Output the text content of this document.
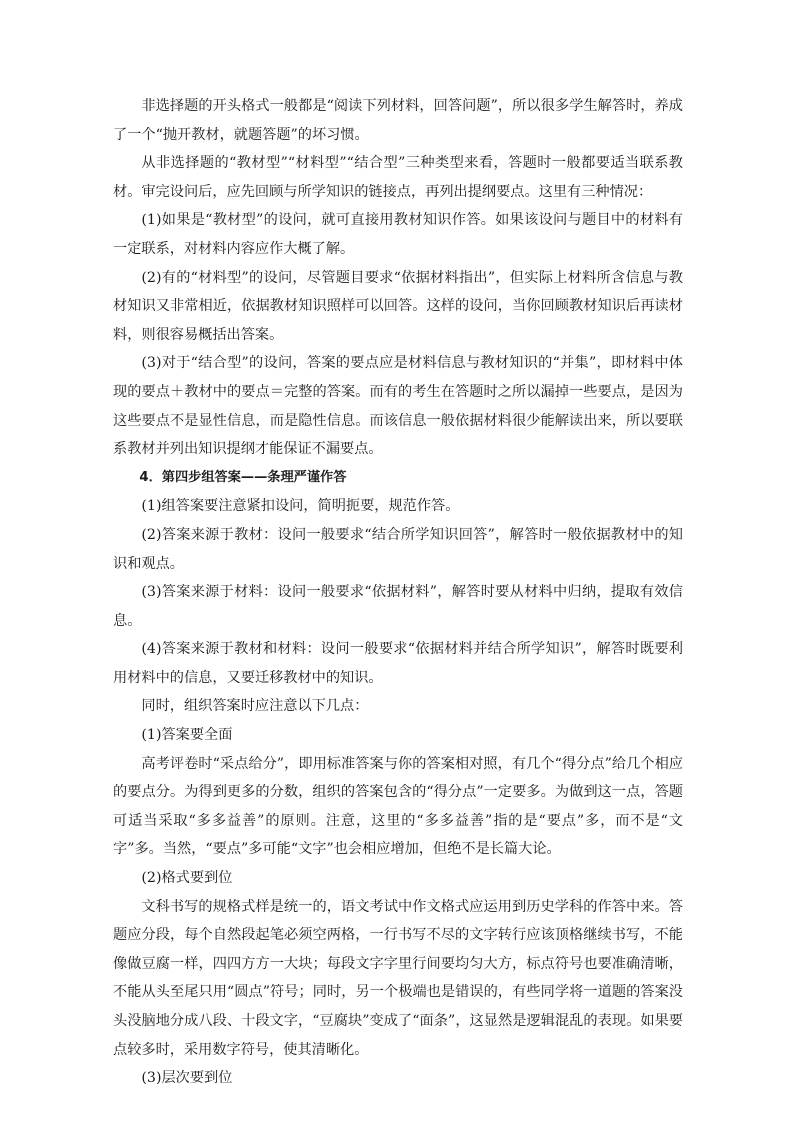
非选择题的开头格式一般都是“阅读下列材料，回答问题”，所以很多学生解答时，养成了一个“抛开教材，就题答题”的坏习惯。

从非选择题的“教材型”“材料型”“结合型”三种类型来看，答题时一般都要适当联系教材。审完设问后，应先回顾与所学知识的链接点，再列出提纲要点。这里有三种情况：

(1)如果是“教材型”的设问，就可直接用教材知识作答。如果该设问与题目中的材料有一定联系，对材料内容应作大概了解。

(2)有的“材料型”的设问，尽管题目要求“依据材料指出”，但实际上材料所含信息与教材知识又非常相近，依据教材知识照样可以回答。这样的设问，当你回顾教材知识后再读材料，则很容易概括出答案。

(3)对于“结合型”的设问，答案的要点应是材料信息与教材知识的“并集”，即材料中体现的要点＋教材中的要点＝完整的答案。而有的考生在答题时之所以漏掉一些要点，是因为这些要点不是显性信息，而是隐性信息。而该信息一般依据材料很少能解读出来，所以要联系教材并列出知识提纲才能保证不漏要点。

4．第四步组答案——条理严谨作答

(1)组答案要注意紧扣设问，简明扼要，规范作答。

(2)答案来源于教材：设问一般要求“结合所学知识回答”，解答时一般依据教材中的知识和观点。

(3)答案来源于材料：设问一般要求“依据材料”，解答时要从材料中归纳，提取有效信息。

(4)答案来源于教材和材料：设问一般要求“依据材料并结合所学知识”，解答时既要利用材料中的信息，又要迁移教材中的知识。

同时，组织答案时应注意以下几点：

(1)答案要全面

高考评卷时“采点给分”，即用标准答案与你的答案相对照，有几个“得分点”给几个相应的要点分。为得到更多的分数，组织的答案包含的“得分点”一定要多。为做到这一点，答题可适当采取“多多益善”的原则。注意，这里的“多多益善”指的是“要点”多，而不是“文字”多。当然，“要点”多可能“文字”也会相应增加，但绝不是长篇大论。

(2)格式要到位

文科书写的规格式样是统一的，语文考试中作文格式应运用到历史学科的作答中来。答题应分段，每个自然段起笔必须空两格，一行书写不尽的文字转行应该顶格继续书写，不能像做豆腐一样，四四方方一大块；每段文字字里行间要均匀大方，标点符号也要准确清晰，不能从头至尾只用“圆点”符号；同时，另一个极端也是错误的，有些同学将一道题的答案没头没脑地分成八段、十段文字，“豆腐块”变成了“面条”，这显然是逻辑混乱的表现。如果要点较多时，采用数字符号，使其清晰化。

(3)层次要到位
